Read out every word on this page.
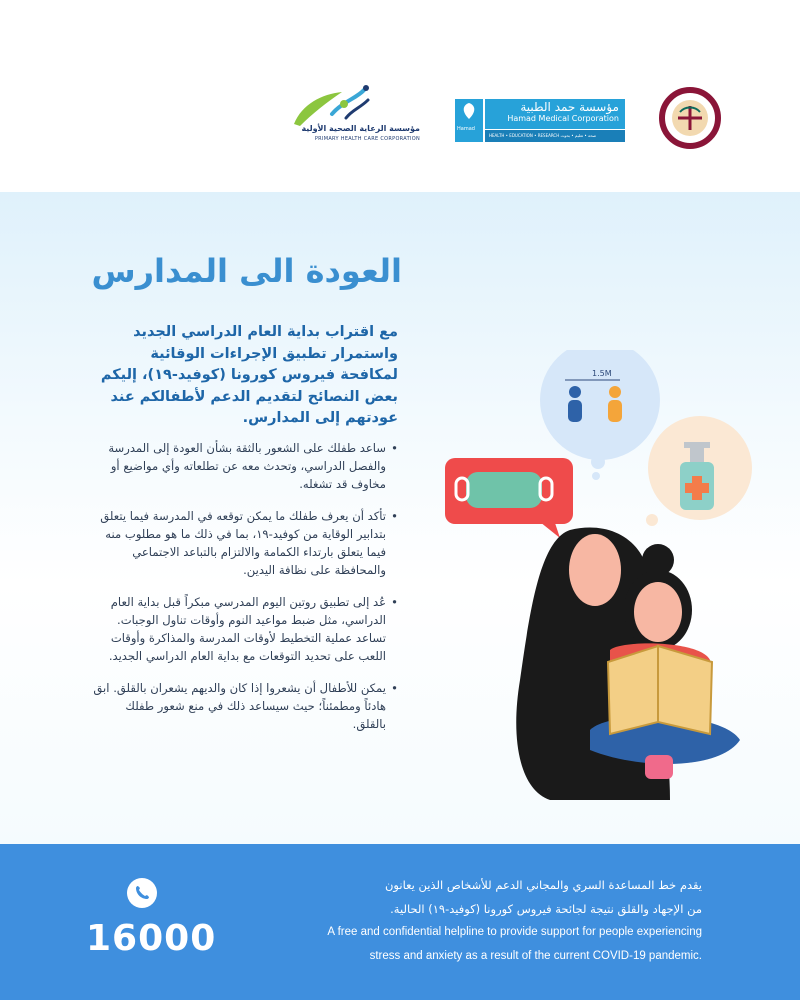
مؤسسة الرعاية الصحية الأولية
PRIMARY HEALTH CARE CORPORATION
Hamad
مؤسسة حمد الطبية
Hamad Medical Corporation
HEALTH • EDUCATION • RESEARCH صحة • تعليم • بحوث
العودة الى المدارس
مع اقتراب بداية العام الدراسي الجديد واستمرار تطبيق الإجراءات الوقائية لمكافحة فيروس كورونا (كوفيد-١٩)، إليكم بعض النصائح لتقديم الدعم لأطفالكم عند عودتهم إلى المدارس.
•
ساعد طفلك على الشعور بالثقة بشأن العودة إلى المدرسة والفصل الدراسي، وتحدث معه عن تطلعاته وأي مواضيع أو مخاوف قد تشغله.
•
تأكد أن يعرف طفلك ما يمكن توقعه في المدرسة فيما يتعلق بتدابير الوقاية من كوفيد-١٩، بما في ذلك ما هو مطلوب منه فيما يتعلق بارتداء الكمامة والالتزام بالتباعد الاجتماعي والمحافظة على نظافة اليدين.
•
عُد إلى تطبيق روتين اليوم المدرسي مبكراً قبل بداية العام الدراسي، مثل ضبط مواعيد النوم وأوقات تناول الوجبات. تساعد عملية التخطيط لأوقات المدرسة والمذاكرة وأوقات اللعب على تحديد التوقعات مع بداية العام الدراسي الجديد.
•
يمكن للأطفال أن يشعروا إذا كان والديهم يشعران بالقلق. ابق هادئاً ومطمئناً؛ حيث سيساعد ذلك في منع شعور طفلك بالقلق.
1.5M
16000
يقدم خط المساعدة السري والمجاني الدعم للأشخاص الذين يعانون
من الإجهاد والقلق نتيجة لجائحة فيروس كورونا (كوفيد-١٩) الحالية.
A free and confidential helpline to provide support for people experiencing
stress and anxiety as a result of the current COVID-19 pandemic.
